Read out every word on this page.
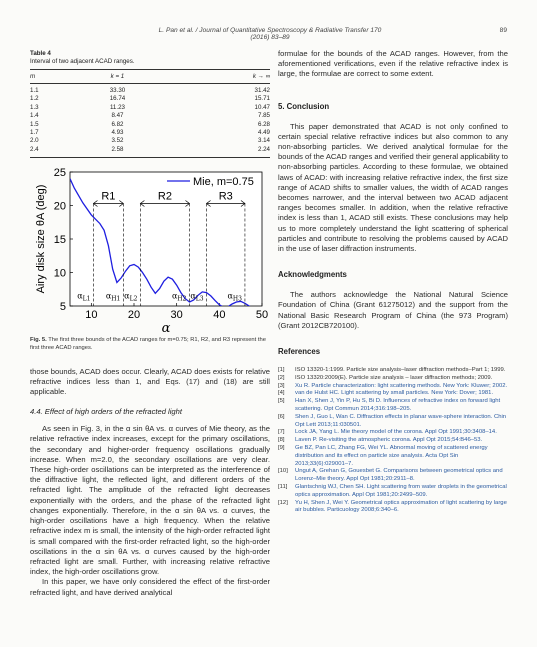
L. Pan et al. / Journal of Quantitative Spectroscopy & Radiative Transfer 170 (2016) 83–89
89
Table 4
Interval of two adjacent ACAD ranges.
m	k = 1	k → ∞
1.1	33.30	31.42
1.2	16.74	15.71
1.3	11.23	10.47
1.4	8.47	7.85
1.5	6.82	6.28
1.7	4.93	4.49
2.0	3.52	3.14
2.4	2.58	2.24
5
10
15
20
25
10	20	30	40	50
Airy disk size θA (deg)
α
Mie, m=0.75
R1	R2	R3
$\alpha_{L1}$ $\alpha_{H1}$ $\alpha_{L2}$	$\alpha_{H2}$ $\alpha_{L3}$	$\alpha_{H3}$
Fig. 5. The first three bounds of the ACAD ranges for m=0.75; R1, R2, and R3 represent the first three ACAD ranges.

those bounds, ACAD does occur. Clearly, ACAD does exists for relative refractive indices less than 1, and Eqs. (17) and (18) are still applicable.

4.4. Effect of high orders of the refracted light

As seen in Fig. 3, in the α sin θA vs. α curves of Mie theory, as the relative refractive index increases, except for the primary oscillations, the secondary and higher-order frequency oscillations gradually increase. When m=2.0, the secondary oscillations are very clear. These high-order oscillations can be interpreted as the interference of the diffractive light, the reflected light, and different orders of the refracted light. The amplitude of the refracted light decreases exponentially with the orders, and the phase of the refracted light changes exponentially. Therefore, in the α sin θA vs. α curves, the high-order oscillations have a high frequency. When the relative refractive index m is small, the intensity of the high-order refracted light is small compared with the first-order refracted light, so the high-order oscillations in the α sin θA vs. α curves caused by the high-order refracted light are small. Further, with increasing relative refractive index, the high-order oscillations grow.

In this paper, we have only considered the effect of the first-order refracted light, and have derived analytical

formulae for the bounds of the ACAD ranges. However, from the aforementioned verifications, even if the relative refractive index is large, the formulae are correct to some extent.

5. Conclusion

This paper demonstrated that ACAD is not only confined to certain special relative refractive indices but also common to any non-absorbing particles. We derived analytical formulae for the bounds of the ACAD ranges and verified their general applicability to non-absorbing particles. According to these formulae, we obtained laws of ACAD: with increasing relative refractive index, the first size range of ACAD shifts to smaller values, the width of ACAD ranges becomes narrower, and the interval between two ACAD adjacent ranges becomes smaller. In addition, when the relative refractive index is less than 1, ACAD still exists. These conclusions may help us to more completely understand the light scattering of spherical particles and contribute to resolving the problems caused by ACAD in the use of laser diffraction instruments.

Acknowledgments

The authors acknowledge the National Natural Science Foundation of China (Grant 61275012) and the support from the National Basic Research Program of China (the 973 Program) (Grant 2012CB720100).

References
[1]	ISO 13320-1:1999. Particle size analysis–laser diffraction methods–Part 1; 1999.
[2]	ISO 13320:2009(E). Particle size analysis – laser diffraction methods; 2009.
[3]	Xu R. Particle characterization: light scattering methods. New York: Kluwer; 2002.
[4]	van de Hulst HC. Light scattering by small particles. New York: Dover; 1981.
[5]	Han X, Shen J, Yin P, Hu S, Bi D. Influences of refractive index on forward light scattering. Opt Commun 2014;316:198–205.
[6]	Shen J, Guo L, Wan C. Diffraction effects in planar wave-sphere interaction. Chin Opt Lett 2013;11:030501.
[7]	Lock JA, Yang L. Mie theory model of the corona. Appl Opt 1991;30:3408–14.
[8]	Laven P. Re-visiting the atmospheric corona. Appl Opt 2015;54:B46–53.
[9]	Ge BZ, Pan LC, Zhang FG, Wei YL. Abnormal moving of scattered energy distribution and its effect on particle size analysis. Acta Opt Sin 2013;33(6):029001–7.
[10]	Ungut A, Grehan G, Gouesbet G. Comparisons between geometrical optics and Lorenz–Mie theory. Appl Opt 1981;20:2911–8.
[11]	Glantschnig WJ, Chen SH. Light scattering from water droplets in the geometrical optics approximation. Appl Opt 1981;20:2499–509.
[12]	Yu H, Shen J, Wei Y. Geometrical optics approximation of light scattering by large air bubbles. Particuology 2008;6:340–6.
